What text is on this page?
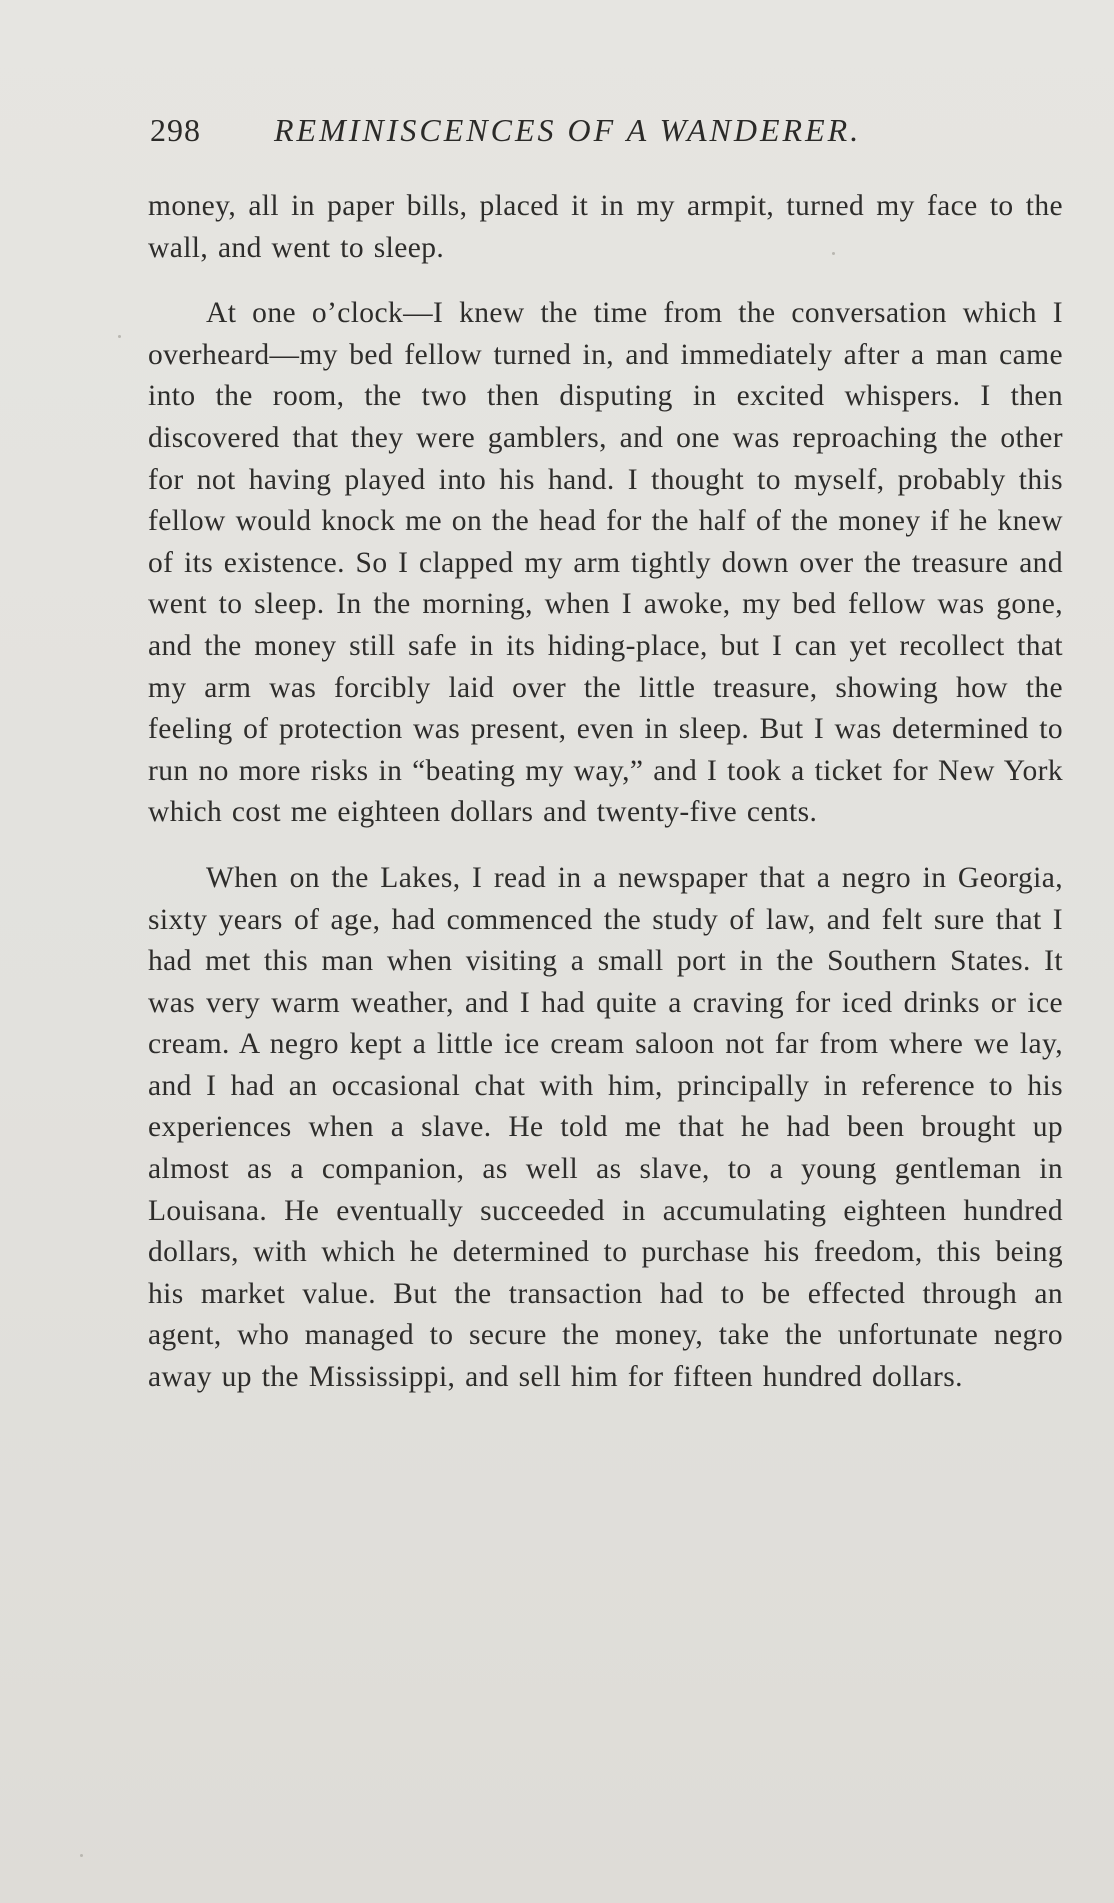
298	REMINISCENCES OF A WANDERER.

money, all in paper bills, placed it in my armpit, turned my face to the wall, and went to sleep.

At one o’clock—I knew the time from the conversation which I overheard—my bed fellow turned in, and immediately after a man came into the room, the two then disputing in excited whispers. I then discovered that they were gamblers, and one was reproaching the other for not having played into his hand. I thought to myself, probably this fellow would knock me on the head for the half of the money if he knew of its existence. So I clapped my arm tightly down over the treasure and went to sleep. In the morning, when I awoke, my bed fellow was gone, and the money still safe in its hiding-place, but I can yet recollect that my arm was forcibly laid over the little treasure, showing how the feeling of protection was present, even in sleep. But I was determined to run no more risks in “beating my way,” and I took a ticket for New York which cost me eighteen dollars and twenty-five cents.

When on the Lakes, I read in a newspaper that a negro in Georgia, sixty years of age, had commenced the study of law, and felt sure that I had met this man when visiting a small port in the Southern States. It was very warm weather, and I had quite a craving for iced drinks or ice cream. A negro kept a little ice cream saloon not far from where we lay, and I had an occasional chat with him, principally in reference to his experiences when a slave. He told me that he had been brought up almost as a companion, as well as slave, to a young gentleman in Louisana. He eventually succeeded in accumulating eighteen hundred dollars, with which he determined to purchase his freedom, this being his market value. But the transaction had to be effected through an agent, who managed to secure the money, take the unfortunate negro away up the Mississippi, and sell him for fifteen hundred dollars.
